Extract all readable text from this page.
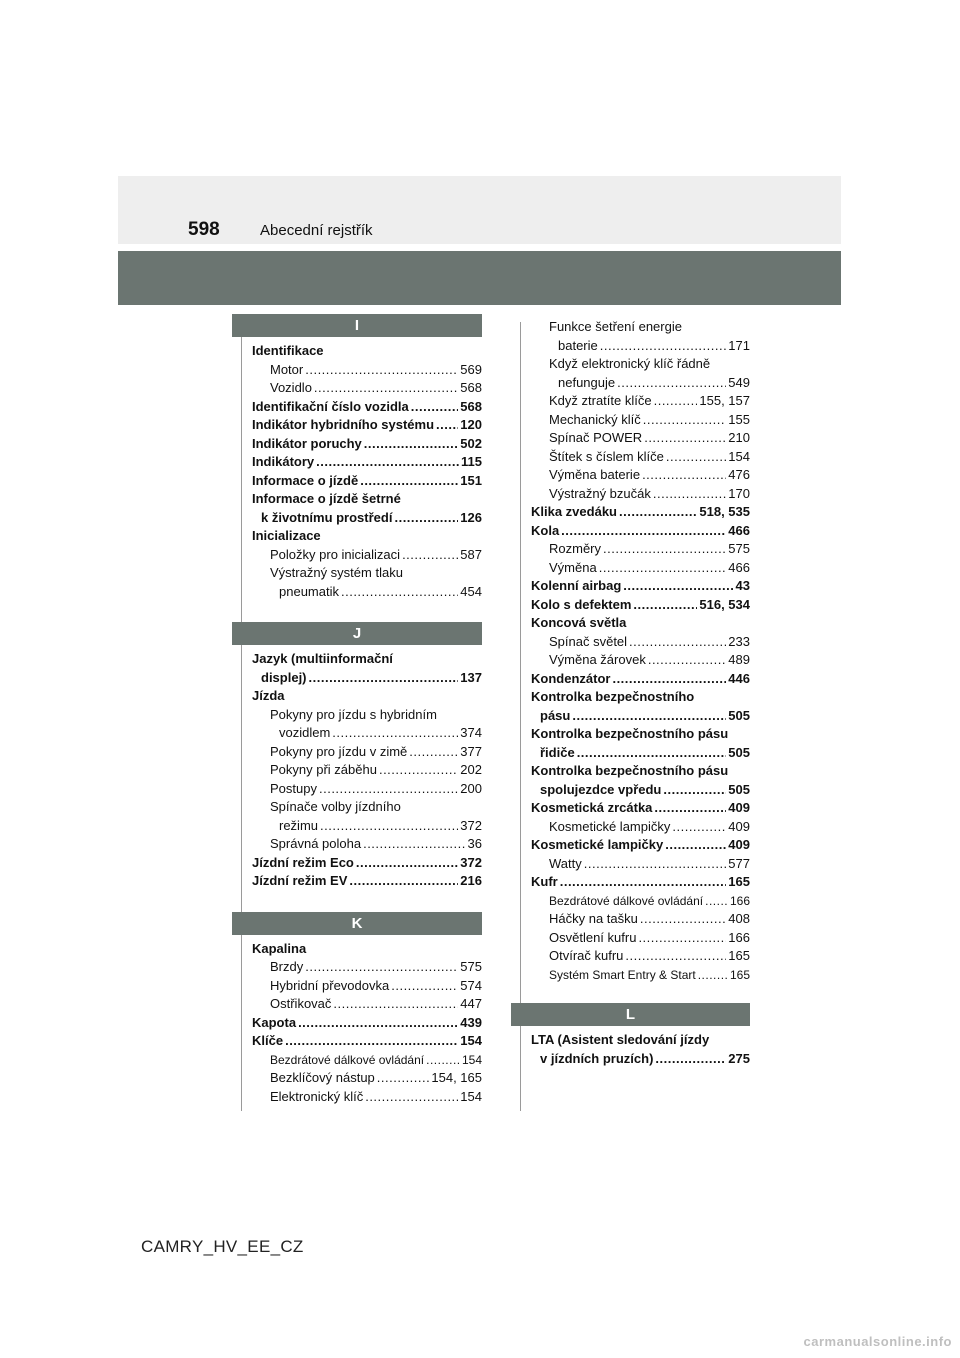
598	Abecední rejstřík
I
Identifikace
Motor .....	569
Vozidlo .....	568
Identifikační číslo vozidla .....	568
Indikátor hybridního systému ..... 120
Indikátor poruchy .....	502
Indikátory .....	115
Informace o jízdě .....	151
Informace o jízdě šetrné
k životnímu prostředí .....	126
Inicializace
Položky pro inicializaci .....	587
Výstražný systém tlaku
pneumatik .....	454
J
Jazyk (multiinformační
displej) .....	137
Jízda
Pokyny pro jízdu s hybridním
vozidlem .....	374
Pokyny pro jízdu v zimě .....	377
Pokyny při záběhu .....	202
Postupy .....	200
Spínače volby jízdního
režimu .....	372
Správná poloha .....	36
Jízdní režim Eco .....	372
Jízdní režim EV .....	216
K
Kapalina
Brzdy .....	575
Hybridní převodovka .....	574
Ostřikovač .....	447
Kapota .....	439
Klíče .....	154
Bezdrátové dálkové ovládání .....	154
Bezklíčový nástup .....	154, 165
Elektronický klíč .....	154
Funkce šetření energie
baterie .....	171
Když elektronický klíč řádně
nefunguje .....	549
Když ztratíte klíče .....	155, 157
Mechanický klíč .....	155
Spínač POWER .....	210
Štítek s číslem klíče .....	154
Výměna baterie .....	476
Výstražný bzučák .....	170
Klika zvedáku .....	518, 535
Kola .....	466
Rozměry .....	575
Výměna .....	466
Kolenní airbag .....	43
Kolo s defektem .....	516, 534
Koncová světla
Spínač světel .....	233
Výměna žárovek .....	489
Kondenzátor .....	446
Kontrolka bezpečnostního
pásu .....	505
Kontrolka bezpečnostního pásu
řidiče .....	505
Kontrolka bezpečnostního pásu
spolujezdce vpředu .....	505
Kosmetická zrcátka .....	409
Kosmetické lampičky .....	409
Kosmetické lampičky .....	409
Watty .....	577
Kufr .....	165
Bezdrátové dálkové ovládání ..... 166
Háčky na tašku .....	408
Osvětlení kufru .....	166
Otvírač kufru .....	165
Systém Smart Entry & Start .....	165
L
LTA (Asistent sledování jízdy
v jízdních pruzích) .....	275
CAMRY_HV_EE_CZ
carmanualsonline.info
